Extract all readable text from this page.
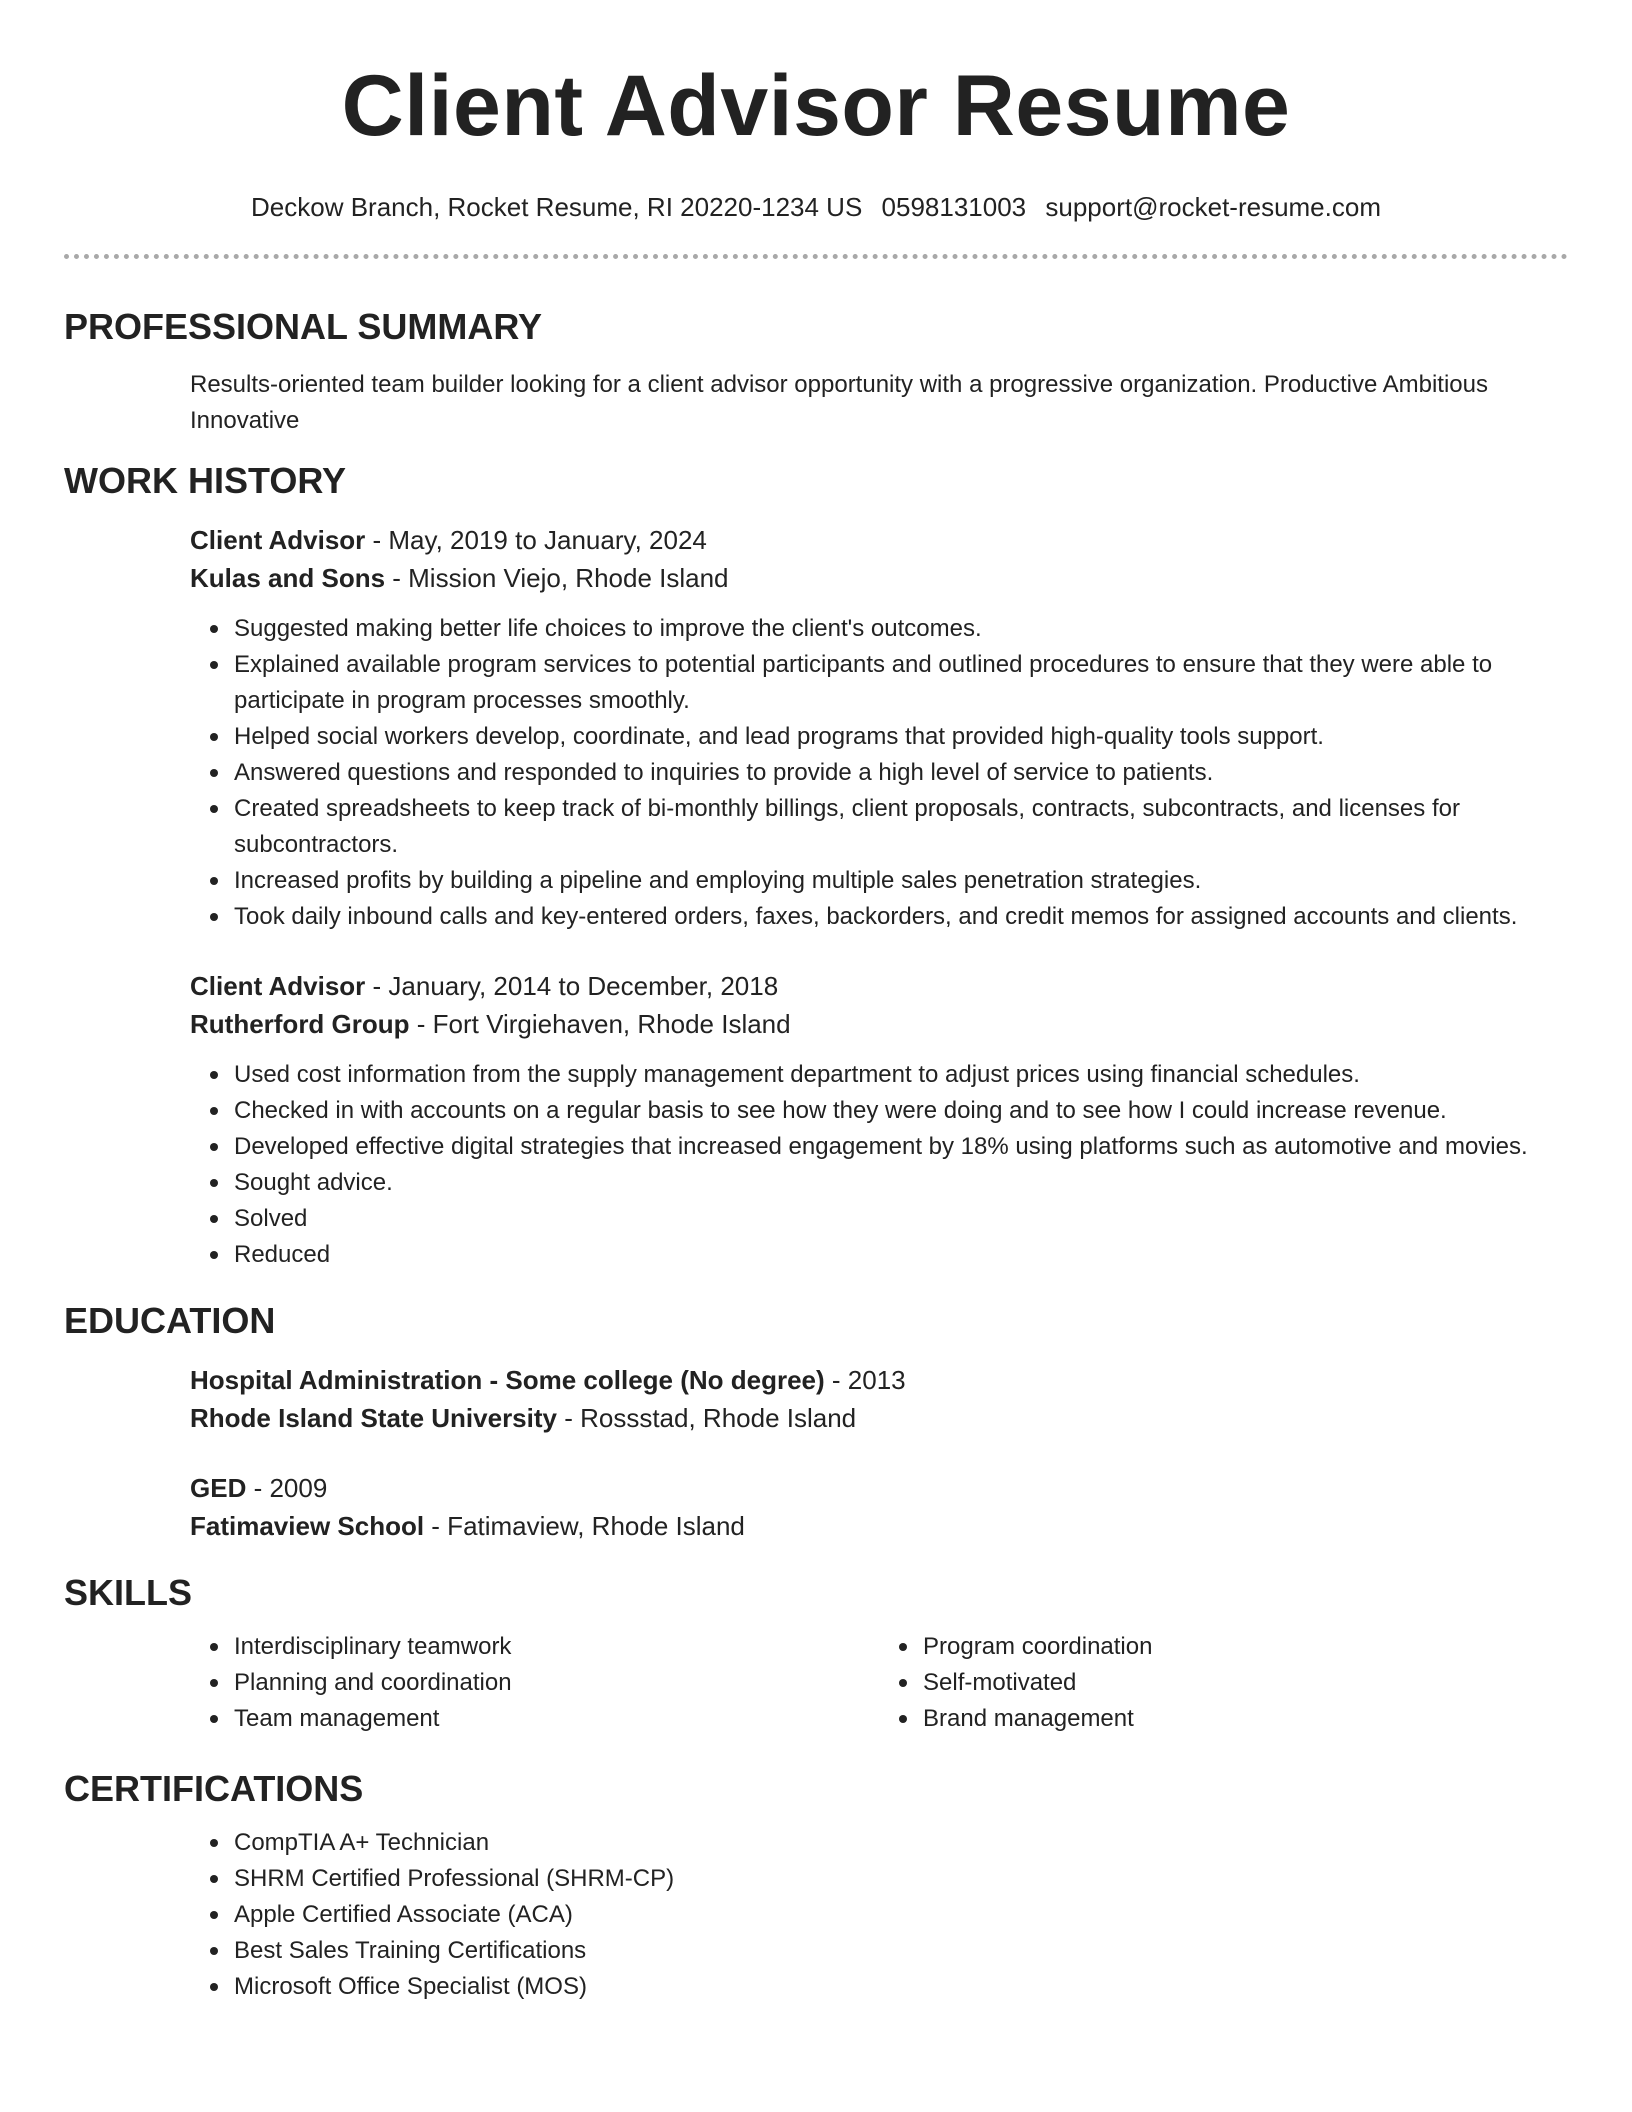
Client Advisor Resume
Deckow Branch, Rocket Resume, RI 20220-1234 US 0598131003 support@rocket-resume.com
PROFESSIONAL SUMMARY

Results-oriented team builder looking for a client advisor opportunity with a progressive organization. Productive Ambitious Innovative

WORK HISTORY
Client Advisor - May, 2019 to January, 2024
Kulas and Sons - Mission Viejo, Rhode Island
Suggested making better life choices to improve the client's outcomes.
Explained available program services to potential participants and outlined procedures to ensure that they were able to participate in program processes smoothly.
Helped social workers develop, coordinate, and lead programs that provided high-quality tools support.
Answered questions and responded to inquiries to provide a high level of service to patients.
Created spreadsheets to keep track of bi-monthly billings, client proposals, contracts, subcontracts, and licenses for subcontractors.
Increased profits by building a pipeline and employing multiple sales penetration strategies.
Took daily inbound calls and key-entered orders, faxes, backorders, and credit memos for assigned accounts and clients.
Client Advisor - January, 2014 to December, 2018
Rutherford Group - Fort Virgiehaven, Rhode Island
Used cost information from the supply management department to adjust prices using financial schedules.
Checked in with accounts on a regular basis to see how they were doing and to see how I could increase revenue.
Developed effective digital strategies that increased engagement by 18% using platforms such as automotive and movies.
Sought advice.
Solved
Reduced
EDUCATION
Hospital Administration - Some college (No degree) - 2013
Rhode Island State University - Rossstad, Rhode Island
GED - 2009
Fatimaview School - Fatimaview, Rhode Island
SKILLS
Interdisciplinary teamwork
Planning and coordination
Team management
Program coordination
Self-motivated
Brand management
CERTIFICATIONS
CompTIA A+ Technician
SHRM Certified Professional (SHRM-CP)
Apple Certified Associate (ACA)
Best Sales Training Certifications
Microsoft Office Specialist (MOS)
